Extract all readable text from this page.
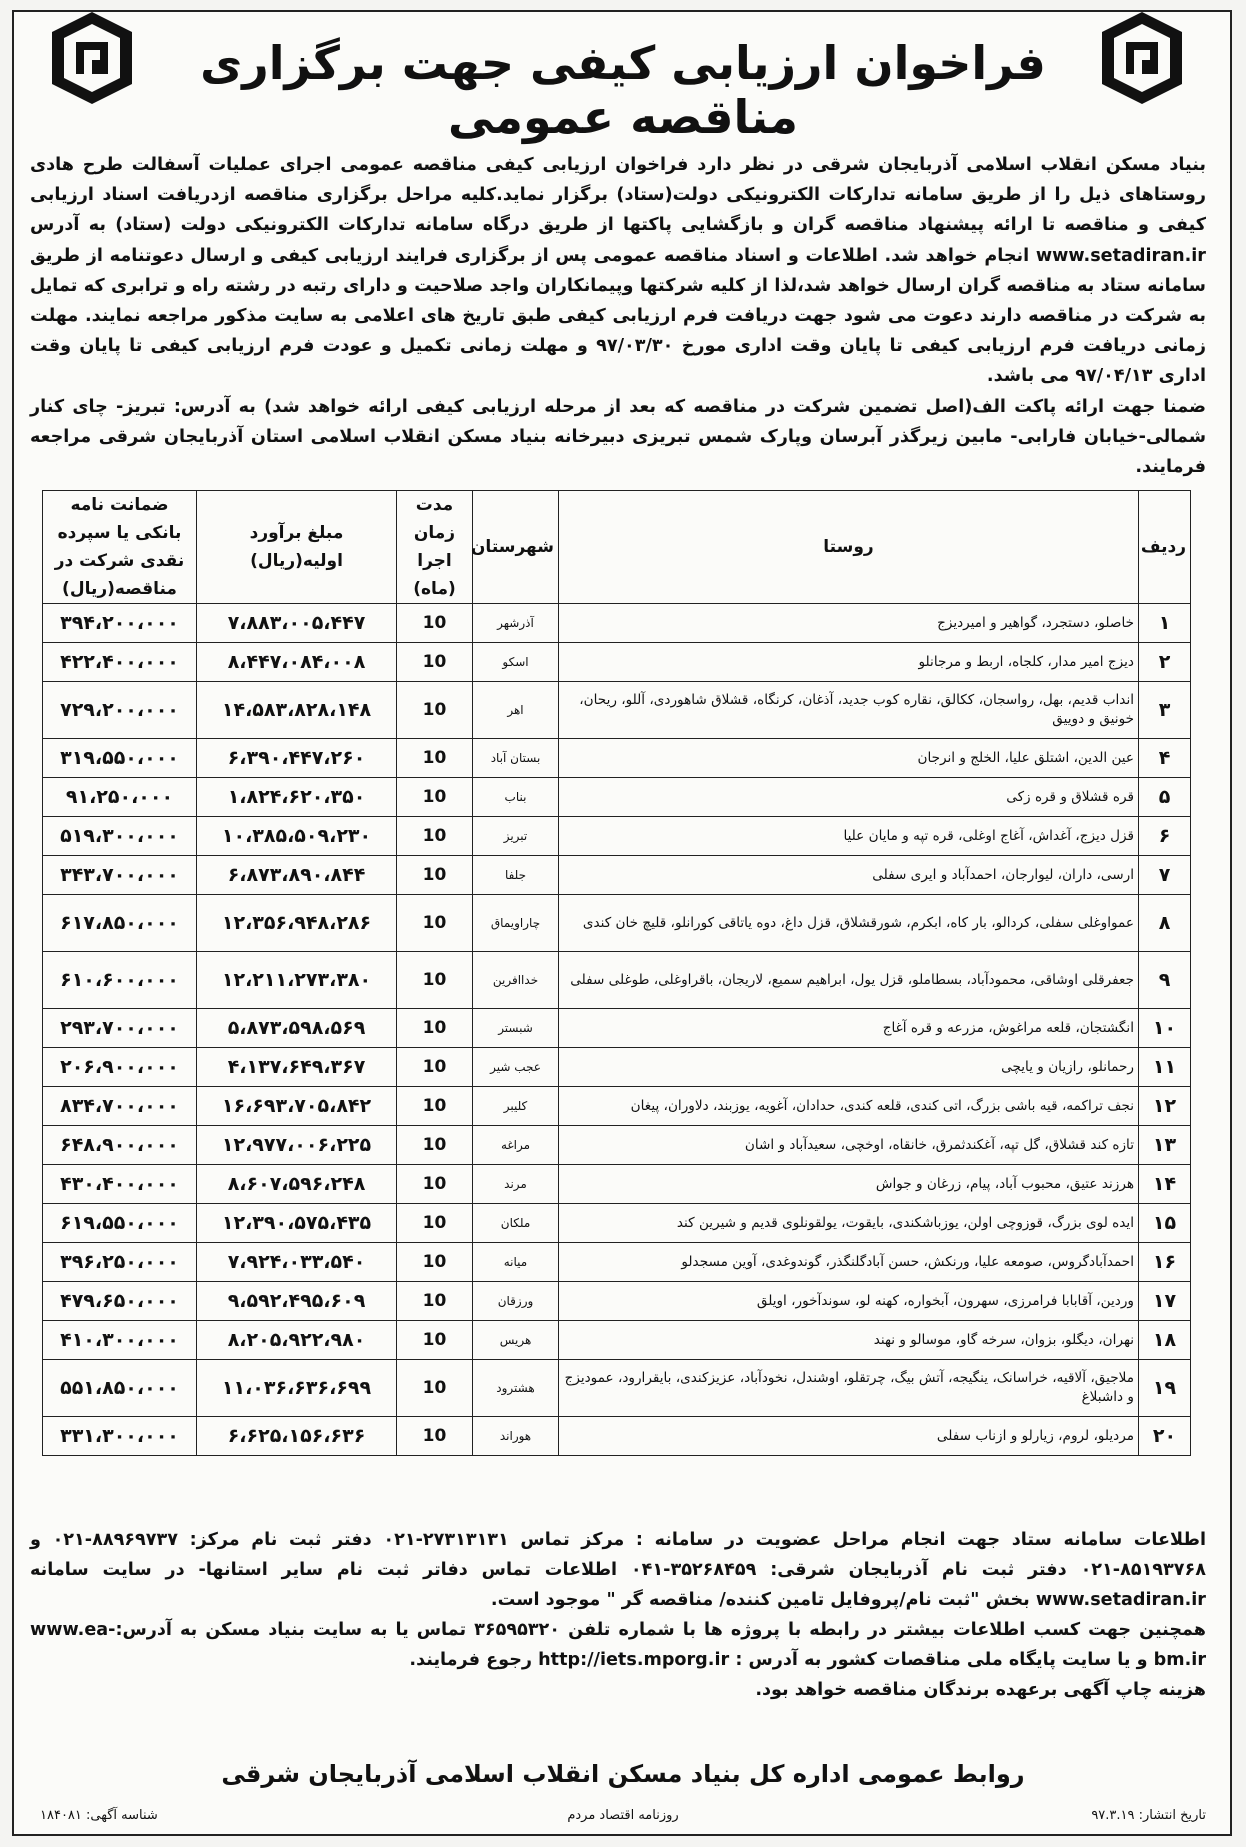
فراخوان ارزیابی کیفی جهت برگزاری مناقصه عمومی

بنیاد مسکن انقلاب اسلامی آذربایجان شرقی در نظر دارد فراخوان ارزیابی کیفی مناقصه عمومی اجرای عملیات آسفالت طرح هادی روستاهای ذیل را از طریق سامانه تدارکات الکترونیکی دولت(ستاد) برگزار نماید.کلیه مراحل برگزاری مناقصه ازدریافت اسناد ارزیابی کیفی و مناقصه تا ارائه پیشنهاد مناقصه گران و بازگشایی پاکتها از طریق درگاه سامانه تدارکات الکترونیکی دولت (ستاد) به آدرس www.setadiran.ir انجام خواهد شد. اطلاعات و اسناد مناقصه عمومی پس از برگزاری فرایند ارزیابی کیفی و ارسال دعوتنامه از طریق سامانه ستاد به مناقصه گران ارسال خواهد شد،لذا از کلیه شرکتها وپیمانکاران واجد صلاحیت و دارای رتبه در رشته راه و ترابری که تمایل به شرکت در مناقصه دارند دعوت می شود جهت دریافت فرم ارزیابی کیفی طبق تاریخ های اعلامی به سایت مذکور مراجعه نمایند. مهلت زمانی دریافت فرم ارزیابی کیفی تا پایان وقت اداری مورخ ۹۷/۰۳/۳۰ و مهلت زمانی تکمیل و عودت فرم ارزیابی کیفی تا پایان وقت اداری ۹۷/۰۴/۱۳ می باشد.

ضمنا جهت ارائه پاکت الف(اصل تضمین شرکت در مناقصه که بعد از مرحله ارزیابی کیفی ارائه خواهد شد) به آدرس: تبریز- چای کنار شمالی-خیابان فارابی- مابین زیرگذر آبرسان وپارک شمس تبریزی دبیرخانه بنیاد مسکن انقلاب اسلامی استان آذربایجان شرقی مراجعه فرمایند.

ردیف	روستا	شهرستان	مدت زمان اجرا (ماه)	مبلغ برآورد اولیه(ریال)	ضمانت نامه بانکی یا سپرده نقدی شرکت در مناقصه(ریال)
۱	خاصلو، دستجرد، گواهیر و امیردیزج	آذرشهر	10	۷،۸۸۳،۰۰۵،۴۴۷	۳۹۴،۲۰۰،۰۰۰
۲	دیزج امیر مدار، کلجاه، اربط و مرجانلو	اسکو	10	۸،۴۴۷،۰۸۴،۰۰۸	۴۲۲،۴۰۰،۰۰۰
۳	انداب قدیم، بهل، رواسجان، ککالق، نقاره کوب جدید، آذغان، کرنگاه، قشلاق شاهوردی، آللو، ریحان، خونیق و دوییق	اهر	10	۱۴،۵۸۳،۸۲۸،۱۴۸	۷۲۹،۲۰۰،۰۰۰
۴	عین الدین، اشتلق علیا، الخلج و انرجان	بستان آباد	10	۶،۳۹۰،۴۴۷،۲۶۰	۳۱۹،۵۵۰،۰۰۰
۵	قره قشلاق و قره زکی	بناب	10	۱،۸۲۴،۶۲۰،۳۵۰	۹۱،۲۵۰،۰۰۰
۶	قزل دیزج، آغداش، آغاج اوغلی، قره تپه و مایان علیا	تبریز	10	۱۰،۳۸۵،۵۰۹،۲۳۰	۵۱۹،۳۰۰،۰۰۰
۷	ارسی، داران، لیوارجان، احمدآباد و ایری سفلی	جلفا	10	۶،۸۷۳،۸۹۰،۸۴۴	۳۴۳،۷۰۰،۰۰۰
۸	عمواوغلی سفلی، کردالو، بار کاه، ابکرم، شورقشلاق، قزل داغ، دوه یاتاقی کورانلو، قلیچ خان کندی	چاراویماق	10	۱۲،۳۵۶،۹۴۸،۲۸۶	۶۱۷،۸۵۰،۰۰۰
۹	جعفرقلی اوشاقی، محمودآباد، بسطاملو، قزل یول، ابراهیم سمیع، لاریجان، باقراوغلی، طوغلی سفلی	خداافرین	10	۱۲،۲۱۱،۲۷۳،۳۸۰	۶۱۰،۶۰۰،۰۰۰
۱۰	انگشتجان، قلعه مراغوش، مزرعه و قره آغاج	شبستر	10	۵،۸۷۳،۵۹۸،۵۶۹	۲۹۳،۷۰۰،۰۰۰
۱۱	رحمانلو، رازیان و یایچی	عجب شیر	10	۴،۱۳۷،۶۴۹،۳۶۷	۲۰۶،۹۰۰،۰۰۰
۱۲	نجف تراکمه، قیه باشی بزرگ، اتی کندی، قلعه کندی، حدادان، آغویه، یوزبند، دلاوران، پیغان	کلیبر	10	۱۶،۶۹۳،۷۰۵،۸۴۲	۸۳۴،۷۰۰،۰۰۰
۱۳	تازه کند قشلاق، گل تپه، آغکندثمرق، خانقاه، اوخچی، سعیدآباد و اشان	مراغه	10	۱۲،۹۷۷،۰۰۶،۲۲۵	۶۴۸،۹۰۰،۰۰۰
۱۴	هرزند عتیق، محبوب آباد، پیام، زرغان و جواش	مرند	10	۸،۶۰۷،۵۹۶،۲۴۸	۴۳۰،۴۰۰،۰۰۰
۱۵	ایده لوی بزرگ، قوزوچی اولن، یوزباشکندی، بایقوت، یولقونلوی قدیم و شیرین کند	ملکان	10	۱۲،۳۹۰،۵۷۵،۴۳۵	۶۱۹،۵۵۰،۰۰۰
۱۶	احمدآبادگروس، صومعه علیا، ورنکش، حسن آبادگلنگذر، گوندوغدی، آوین مسجدلو	میانه	10	۷،۹۲۴،۰۳۳،۵۴۰	۳۹۶،۲۵۰،۰۰۰
۱۷	وردین، آقابابا فرامرزی، سهرون، آبخواره، کهنه لو، سوندآخور، اویلق	ورزقان	10	۹،۵۹۲،۴۹۵،۶۰۹	۴۷۹،۶۵۰،۰۰۰
۱۸	نهران، دیگلو، بزوان، سرخه گاو، موسالو و نهند	هریس	10	۸،۲۰۵،۹۲۲،۹۸۰	۴۱۰،۳۰۰،۰۰۰
۱۹	ملاجیق، آلاقیه، خراسانک، ینگیجه، آتش بیگ، چرتقلو، اوشندل، نخودآباد، عزیزکندی، بایقرارود، عمودیزج و داشبلاغ	هشترود	10	۱۱،۰۳۶،۶۳۶،۶۹۹	۵۵۱،۸۵۰،۰۰۰
۲۰	مردیلو، لروم، زیارلو و ازناب سفلی	هوراند	10	۶،۶۲۵،۱۵۶،۶۳۶	۳۳۱،۳۰۰،۰۰۰

اطلاعات سامانه ستاد جهت انجام مراحل عضویت در سامانه : مرکز تماس ۲۷۳۱۳۱۳۱-۰۲۱ دفتر ثبت نام مرکز: ۸۸۹۶۹۷۳۷-۰۲۱ و ۸۵۱۹۳۷۶۸-۰۲۱ دفتر ثبت نام آذربایجان شرقی: ۳۵۲۶۸۴۵۹-۰۴۱ اطلاعات تماس دفاتر ثبت نام سایر استانها- در سایت سامانه www.setadiran.ir بخش "ثبت نام/پروفایل تامین کننده/ مناقصه گر " موجود است.

همچنین جهت کسب اطلاعات بیشتر در رابطه با پروژه ها با شماره تلفن ۳۶۵۹۵۳۲۰ تماس یا به سایت بنیاد مسکن به آدرس:www.ea-bm.ir و یا سایت پایگاه ملی مناقصات کشور به آدرس : http://iets.mporg.ir رجوع فرمایند.

هزینه چاپ آگهی برعهده برندگان مناقصه خواهد بود.

روابط عمومی اداره کل بنیاد مسکن انقلاب اسلامی آذربایجان شرقی
تاریخ انتشار: ۹۷.۳.۱۹
روزنامه اقتصاد مردم
شناسه آگهی: ۱۸۴۰۸۱
